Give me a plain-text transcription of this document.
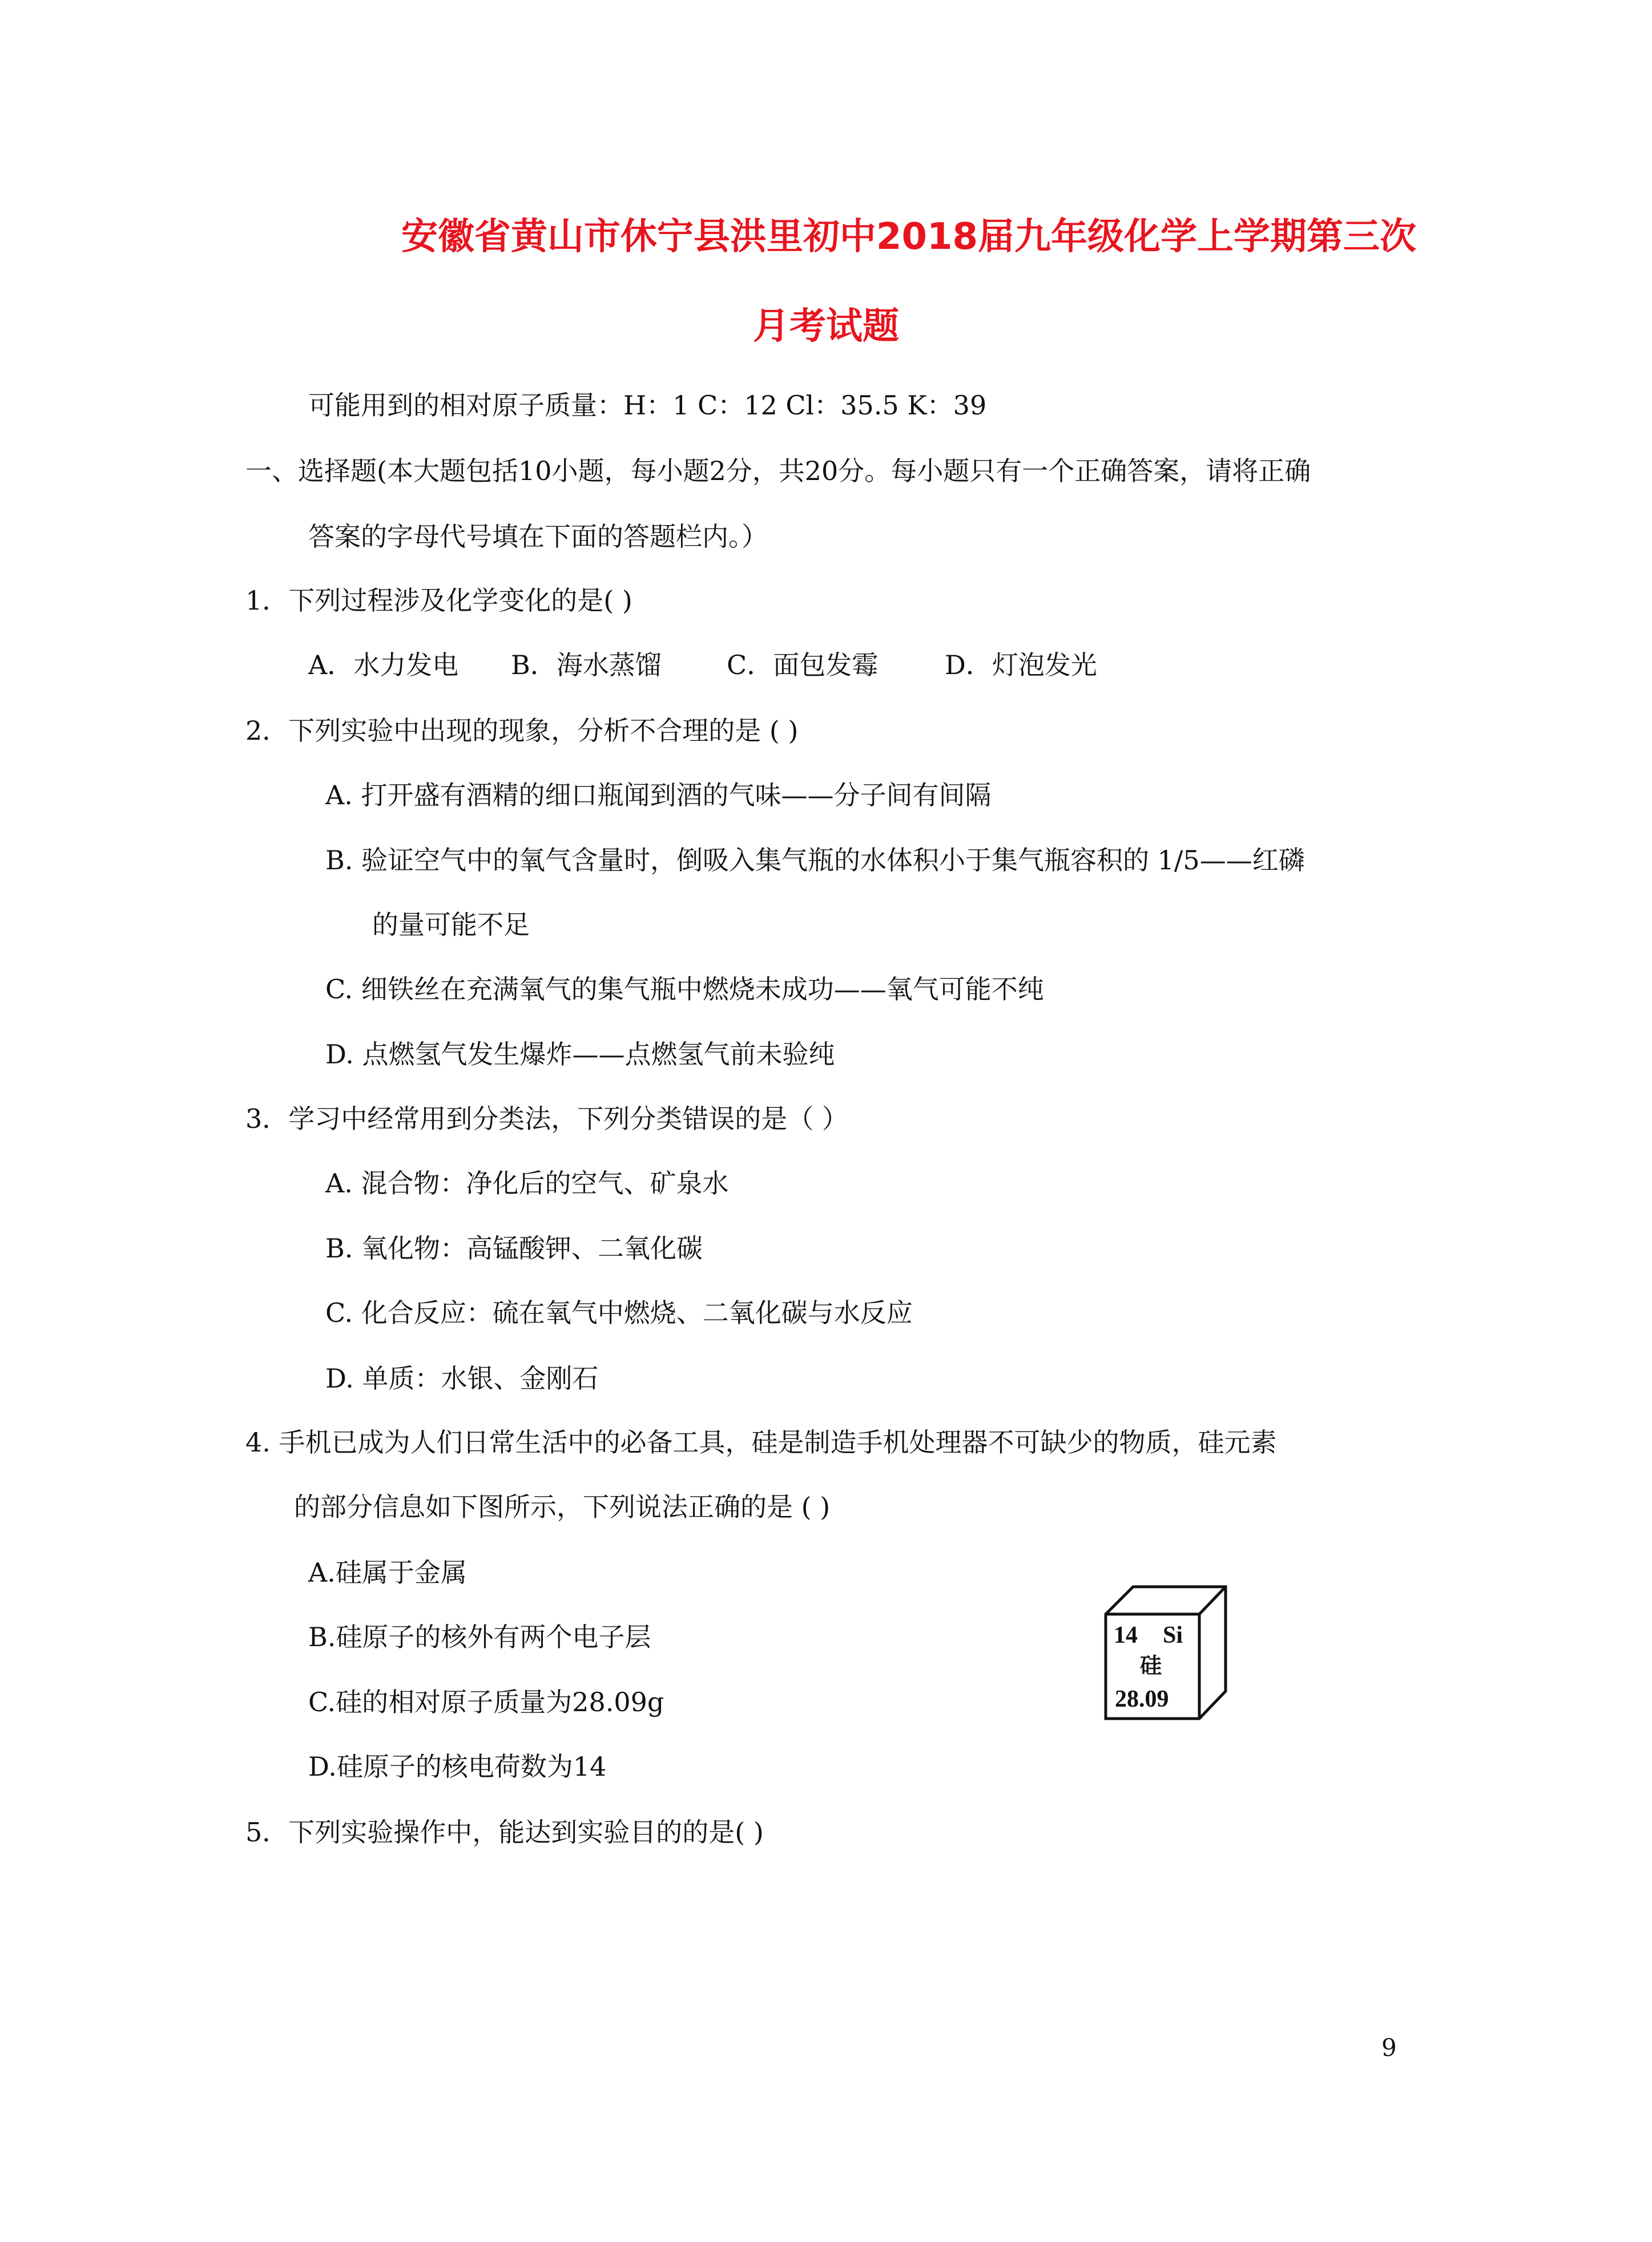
安徽省黄山市休宁县洪里初中2018届九年级化学上学期第三次
月考试题
可能用到的相对原子质量：H：1 C：12 Cl：35.5 K：39
一、选择题(本大题包括10小题，每小题2分，共20分。每小题只有一个正确答案，请将正确
答案的字母代号填在下面的答题栏内。）
1．下列过程涉及化学变化的是( )
A．水力发电 B．海水蒸馏 C．面包发霉	D．灯泡发光
2．下列实验中出现的现象，分析不合理的是 ( )
A. 打开盛有酒精的细口瓶闻到酒的气味——分子间有间隔
B. 验证空气中的氧气含量时，倒吸入集气瓶的水体积小于集气瓶容积的 1/5——红磷
的量可能不足
C. 细铁丝在充满氧气的集气瓶中燃烧未成功——氧气可能不纯
D. 点燃氢气发生爆炸——点燃氢气前未验纯
3．学习中经常用到分类法，下列分类错误的是（ ）
A. 混合物：净化后的空气、矿泉水
B. 氧化物：高锰酸钾、二氧化碳
C. 化合反应：硫在氧气中燃烧、二氧化碳与水反应
D. 单质：水银、金刚石
4. 手机已成为人们日常生活中的必备工具，硅是制造手机处理器不可缺少的物质，硅元素
的部分信息如下图所示，下列说法正确的是 ( )
A.硅属于金属
B.硅原子的核外有两个电子层
C.硅的相对原子质量为28.09g
D.硅原子的核电荷数为14
14 Si
硅
28.09
5．下列实验操作中，能达到实验目的的是( )
9
